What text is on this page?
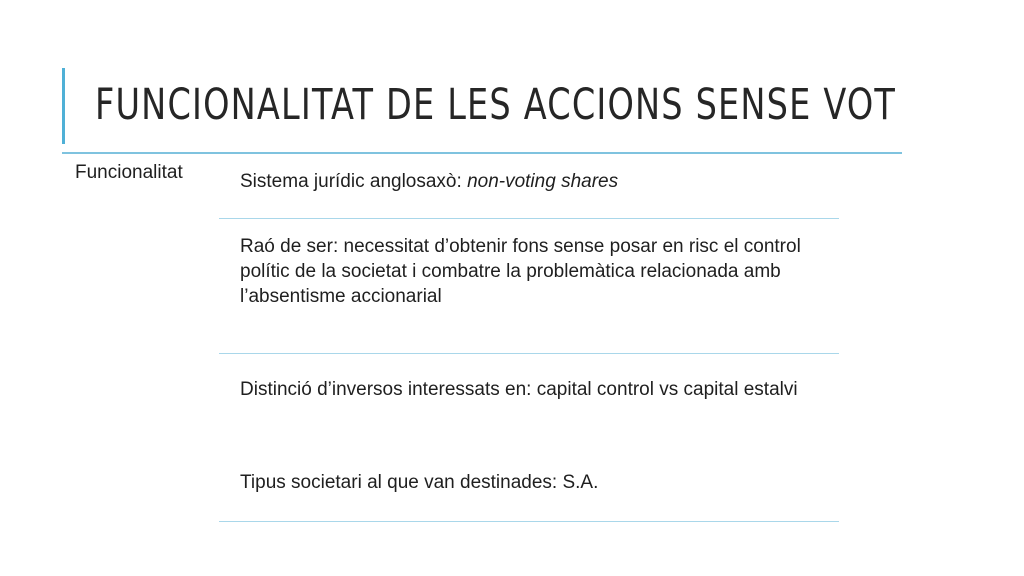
FUNCIONALITAT DE LES ACCIONS SENSE VOT
Funcionalitat	Sistema jurídic anglosaxò: non-voting shares
Raó de ser: necessitat d’obtenir fons sense posar en risc el control polític de la societat i combatre la problemàtica relacionada amb l’absentisme accionarial
Distinció d’inversos interessats en: capital control vs capital estalvi
Tipus societari al que van destinades: S.A.
